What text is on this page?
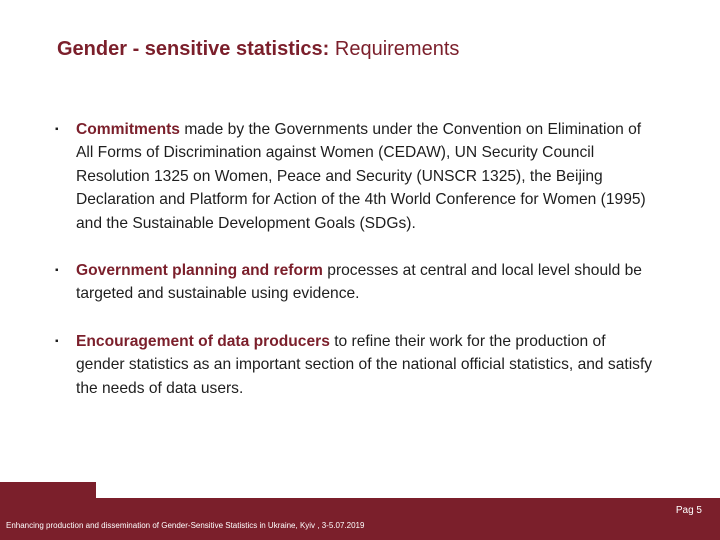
Gender - sensitive statistics: Requirements
▪ Commitments made by the Governments under the Convention on Elimination of All Forms of Discrimination against Women (CEDAW), UN Security Council Resolution 1325 on Women, Peace and Security (UNSCR 1325), the Beijing Declaration and Platform for Action of the 4th World Conference for Women (1995) and the Sustainable Development Goals (SDGs).
▪ Government planning and reform processes at central and local level should be targeted and sustainable using evidence.
▪ Encouragement of data producers to refine their work for the production of gender statistics as an important section of the national official statistics, and satisfy the needs of data users.
Enhancing production and dissemination of Gender-Sensitive Statistics in Ukraine, Kyiv , 3-5.07.2019
Pag 5
